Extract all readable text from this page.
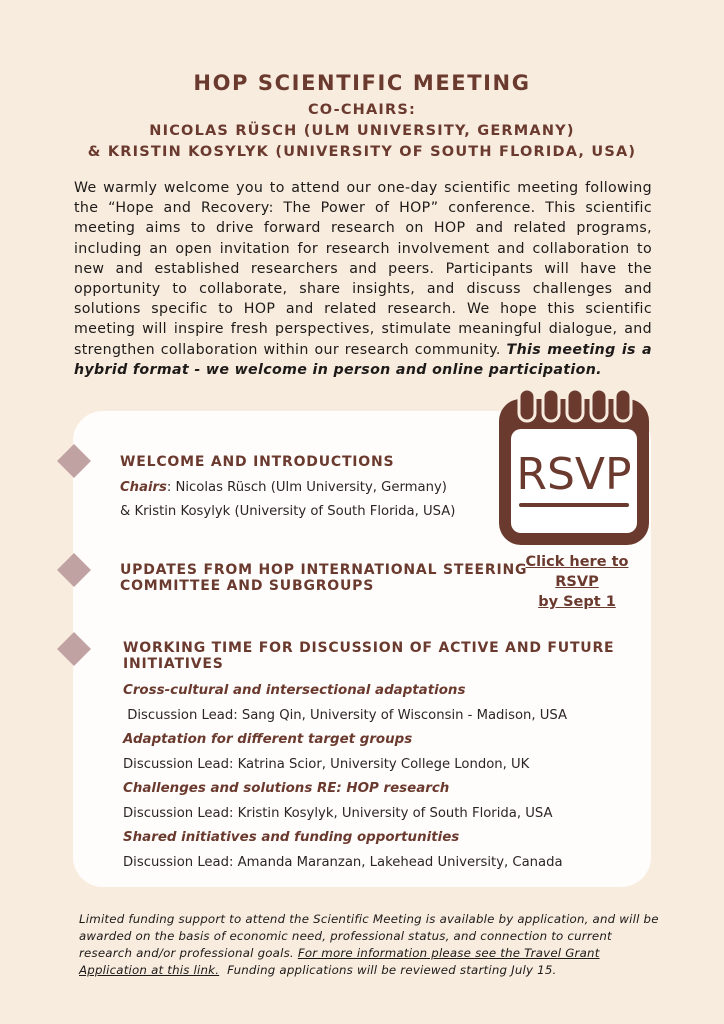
HOP SCIENTIFIC MEETING

CO-CHAIRS:

NICOLAS RÜSCH (ULM UNIVERSITY, GERMANY)

& KRISTIN KOSYLYK (UNIVERSITY OF SOUTH FLORIDA, USA)

We warmly welcome you to attend our one-day scientific meeting following the “Hope and Recovery: The Power of HOP” conference. This scientific meeting aims to drive forward research on HOP and related programs, including an open invitation for research involvement and collaboration to new and established researchers and peers. Participants will have the opportunity to collaborate, share insights, and discuss challenges and solutions specific to HOP and related research. We hope this scientific meeting will inspire fresh perspectives, stimulate meaningful dialogue, and strengthen collaboration within our research community. This meeting is a hybrid format - we welcome in person and online participation.

WELCOME AND INTRODUCTIONS

Chairs: Nicolas Rüsch (Ulm University, Germany)

& Kristin Kosylyk (University of South Florida, USA)

UPDATES FROM HOP INTERNATIONAL STEERING

COMMITTEE AND SUBGROUPS

WORKING TIME FOR DISCUSSION OF ACTIVE AND FUTURE

INITIATIVES

Cross-cultural and intersectional adaptations

Discussion Lead: Sang Qin, University of Wisconsin - Madison, USA

Adaptation for different target groups

Discussion Lead: Katrina Scior, University College London, UK

Challenges and solutions RE: HOP research

Discussion Lead: Kristin Kosylyk, University of South Florida, USA

Shared initiatives and funding opportunities

Discussion Lead: Amanda Maranzan, Lakehead University, Canada

RSVP
Click here to
RSVP
by Sept 1

Limited funding support to attend the Scientific Meeting is available by application, and will be awarded on the basis of economic need, professional status, and connection to current research and/or professional goals. For more information please see the Travel Grant Application at this link.  Funding applications will be reviewed starting July 15.
